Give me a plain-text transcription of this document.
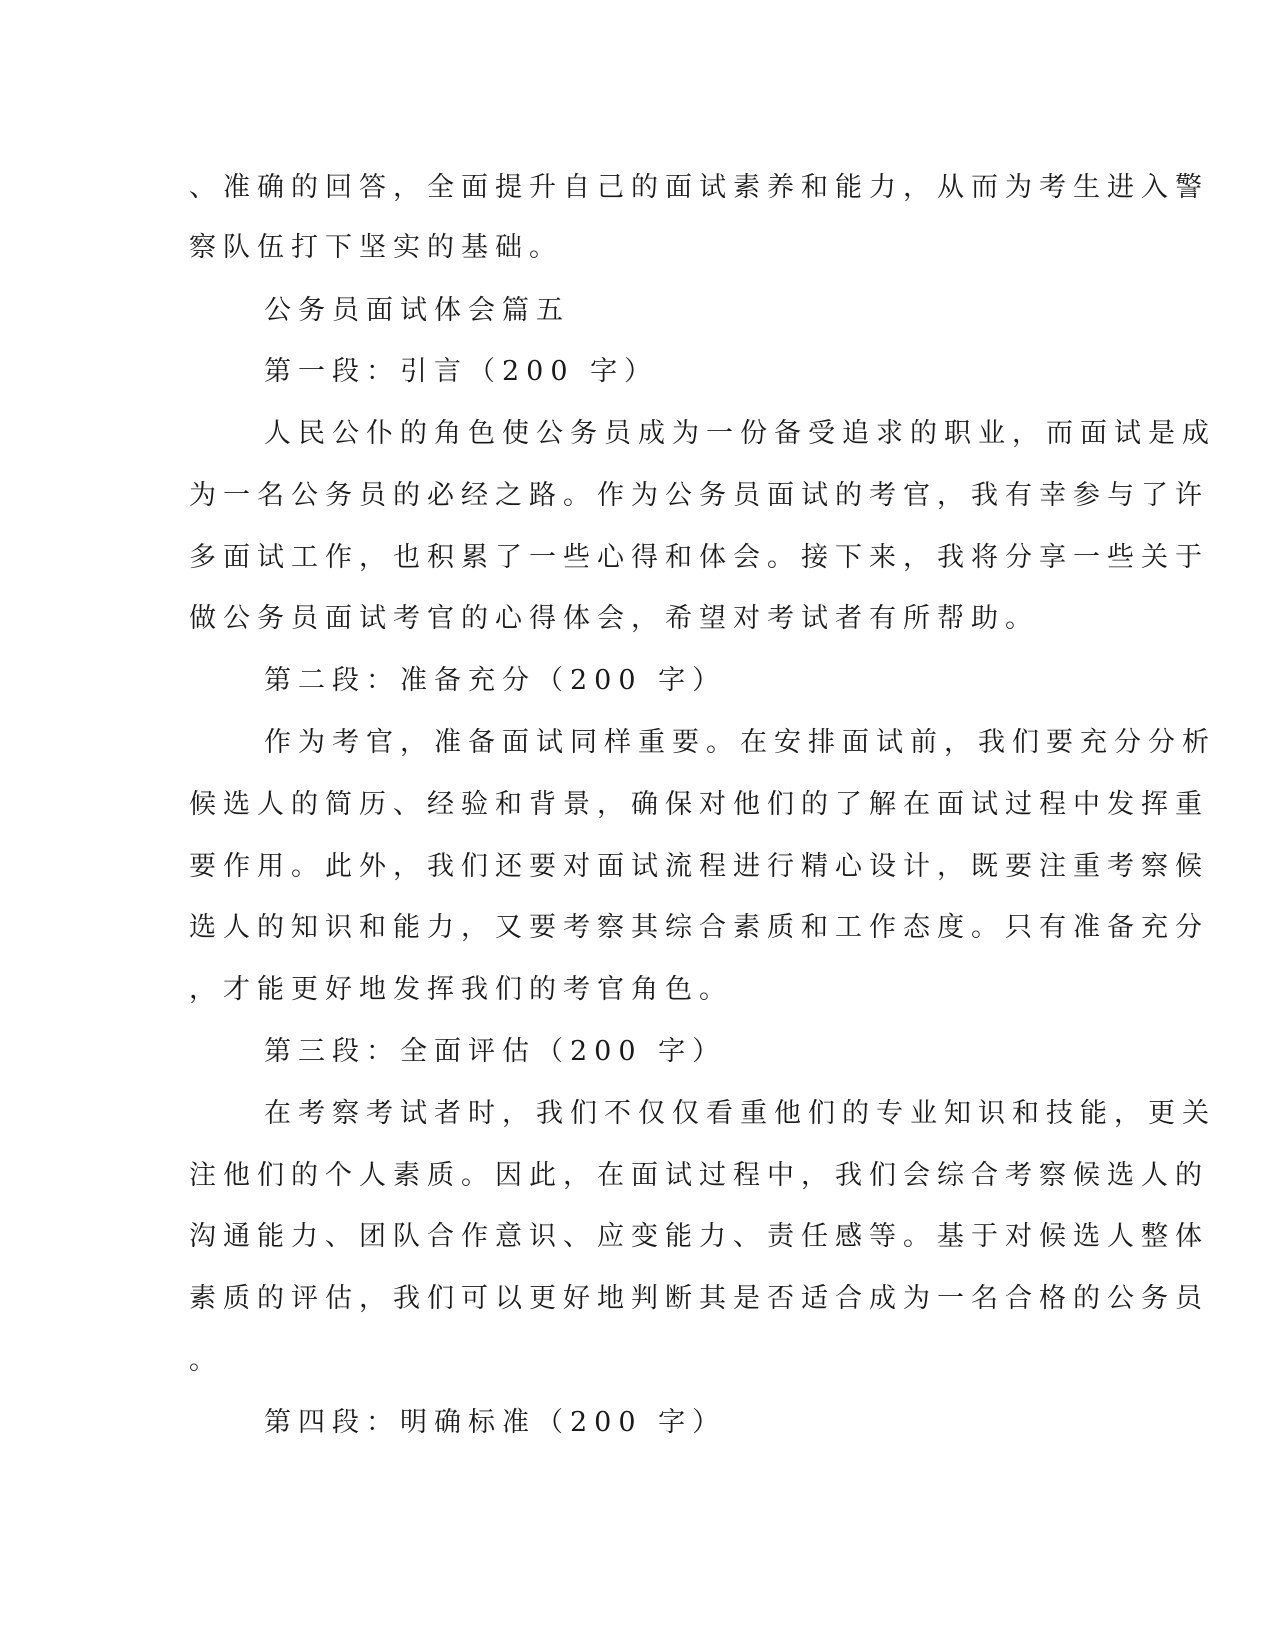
、准确的回答，全面提升自己的面试素养和能力，从而为考生进入警
察队伍打下坚实的基础。
公务员面试体会篇五
第一段：引言（200 字）
人民公仆的角色使公务员成为一份备受追求的职业，而面试是成
为一名公务员的必经之路。作为公务员面试的考官，我有幸参与了许
多面试工作，也积累了一些心得和体会。接下来，我将分享一些关于
做公务员面试考官的心得体会，希望对考试者有所帮助。
第二段：准备充分（200 字）
作为考官，准备面试同样重要。在安排面试前，我们要充分分析
候选人的简历、经验和背景，确保对他们的了解在面试过程中发挥重
要作用。此外，我们还要对面试流程进行精心设计，既要注重考察候
选人的知识和能力，又要考察其综合素质和工作态度。只有准备充分
，才能更好地发挥我们的考官角色。
第三段：全面评估（200 字）
在考察考试者时，我们不仅仅看重他们的专业知识和技能，更关
注他们的个人素质。因此，在面试过程中，我们会综合考察候选人的
沟通能力、团队合作意识、应变能力、责任感等。基于对候选人整体
素质的评估，我们可以更好地判断其是否适合成为一名合格的公务员
。
第四段：明确标准（200 字）
